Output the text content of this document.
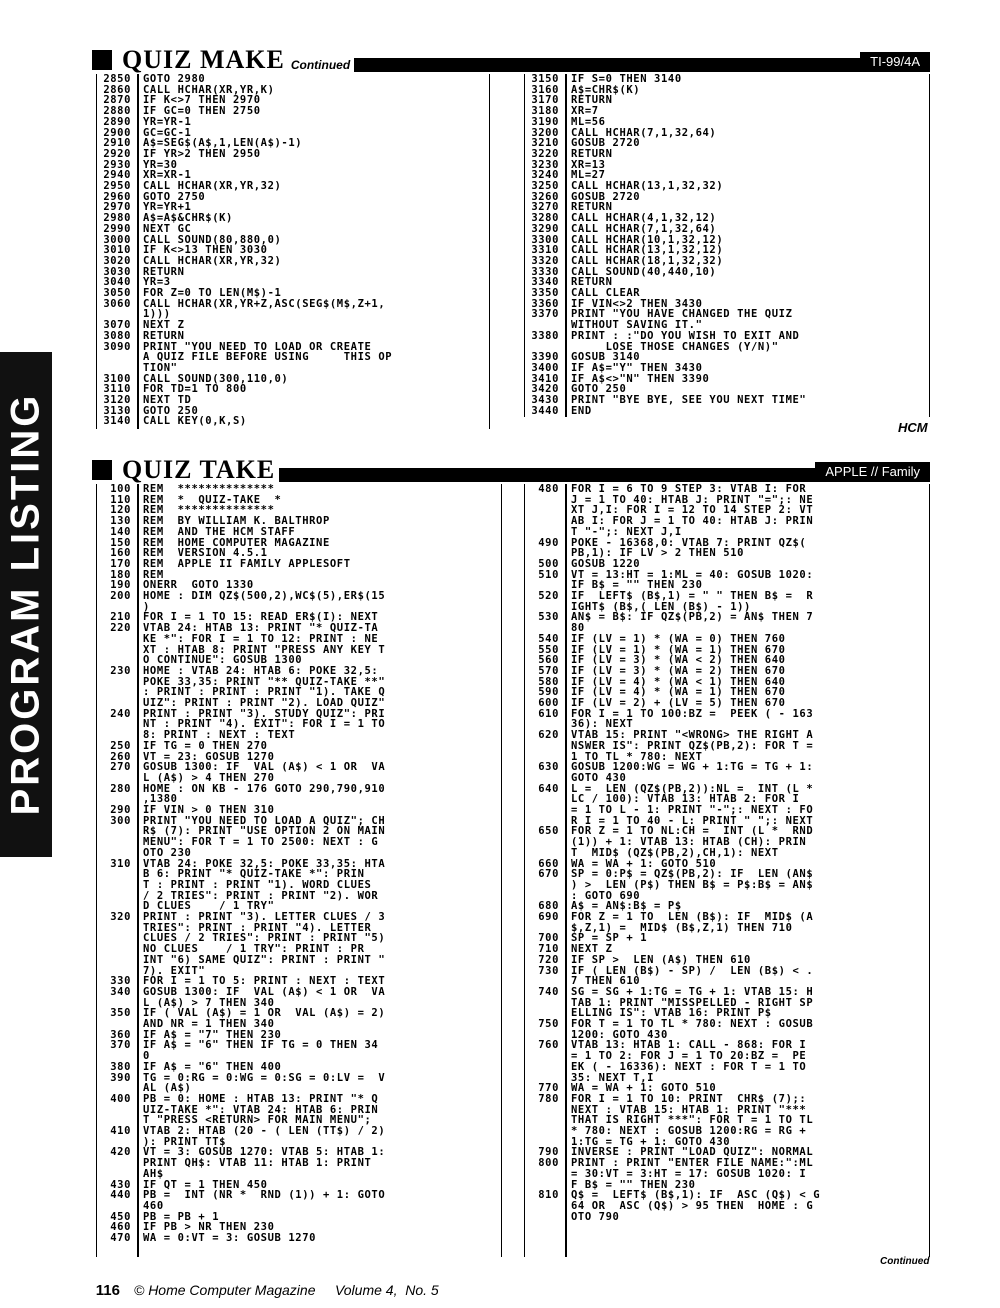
PROGRAM LISTING
QUIZ MAKE Continued	TI-99/4A
2850 GOTO 2980
2860 CALL HCHAR(XR,YR,K)
2870 IF K<>7 THEN 2970
2880 IF GC=0 THEN 2750
2890 YR=YR-1
2900 GC=GC-1
2910 A$=SEG$(A$,1,LEN(A$)-1)
2920 IF YR>2 THEN 2950
2930 YR=30
2940 XR=XR-1
2950 CALL HCHAR(XR,YR,32)
2960 GOTO 2750
2970 YR=YR+1
2980 A$=A$&CHR$(K)
2990 NEXT GC
3000 CALL SOUND(80,880,0)
3010 IF K<>13 THEN 3030
3020 CALL HCHAR(XR,YR,32)
3030 RETURN
3040 YR=3
3050 FOR Z=0 TO LEN(M$)-1
3060 CALL HCHAR(XR,YR+Z,ASC(SEG$(M$,Z+1,
1)))
3070 NEXT Z
3080 RETURN
3090 PRINT "YOU NEED TO LOAD OR CREATE
A QUIZ FILE BEFORE USING     THIS OP
TION"
3100 CALL SOUND(300,110,0)
3110 FOR TD=1 TO 800
3120 NEXT TD
3130 GOTO 250
3140 CALL KEY(0,K,S)
3150 IF S=0 THEN 3140
3160 A$=CHR$(K)
3170 RETURN
3180 XR=7
3190 ML=56
3200 CALL HCHAR(7,1,32,64)
3210 GOSUB 2720
3220 RETURN
3230 XR=13
3240 ML=27
3250 CALL HCHAR(13,1,32,32)
3260 GOSUB 2720
3270 RETURN
3280 CALL HCHAR(4,1,32,12)
3290 CALL HCHAR(7,1,32,64)
3300 CALL HCHAR(10,1,32,12)
3310 CALL HCHAR(13,1,32,12)
3320 CALL HCHAR(18,1,32,32)
3330 CALL SOUND(40,440,10)
3340 RETURN
3350 CALL CLEAR
3360 IF VIN<>2 THEN 3430
3370 PRINT "YOU HAVE CHANGED THE QUIZ
WITHOUT SAVING IT."
3380 PRINT : :"DO YOU WISH TO EXIT AND
LOSE THOSE CHANGES (Y/N)"
3390 GOSUB 3140
3400 IF A$="Y" THEN 3430
3410 IF A$<>"N" THEN 3390
3420 GOTO 250
3430 PRINT "BYE BYE, SEE YOU NEXT TIME"
3440 END
HCM
QUIZ TAKE	APPLE // Family
100 REM  **************
110 REM  *  QUIZ-TAKE  *
120 REM  **************
130 REM  BY WILLIAM K. BALTHROP
140 REM  AND THE HCM STAFF
150 REM  HOME COMPUTER MAGAZINE
160 REM  VERSION 4.5.1
170 REM  APPLE II FAMILY APPLESOFT
180 REM
190 ONERR  GOTO 1330
200 HOME : DIM QZ$(500,2),WC$(5),ER$(15
)
210 FOR I = 1 TO 15: READ ER$(I): NEXT
220 VTAB 24: HTAB 13: PRINT "* QUIZ-TA
KE *": FOR I = 1 TO 12: PRINT : NE
XT : HTAB 8: PRINT "PRESS ANY KEY T
O CONTINUE": GOSUB 1300
230 HOME : VTAB 24: HTAB 6: POKE 32,5:
POKE 33,35: PRINT "** QUIZ-TAKE **"
: PRINT : PRINT : PRINT "1). TAKE Q
UIZ": PRINT : PRINT "2). LOAD QUIZ"
240 PRINT : PRINT "3). STUDY QUIZ": PRI
NT : PRINT "4). EXIT": FOR I = 1 TO
8: PRINT : NEXT : TEXT
250 IF TG = 0 THEN 270
260 VT = 23: GOSUB 1270
270 GOSUB 1300: IF  VAL (A$) < 1 OR  VA
L (A$) > 4 THEN 270
280 HOME : ON KB - 176 GOTO 290,790,910
,1380
290 IF VIN > 0 THEN 310
300 PRINT "YOU NEED TO LOAD A QUIZ"; CH
R$ (7): PRINT "USE OPTION 2 ON MAIN
MENU": FOR T = 1 TO 2500: NEXT : G
OTO 230
310 VTAB 24: POKE 32,5: POKE 33,35: HTA
B 6: PRINT "* QUIZ-TAKE *": PRIN
T : PRINT : PRINT "1). WORD CLUES
/ 2 TRIES": PRINT : PRINT "2). WOR
D CLUES    / 1 TRY"
320 PRINT : PRINT "3). LETTER CLUES / 3
TRIES": PRINT : PRINT "4). LETTER
CLUES / 2 TRIES": PRINT : PRINT "5)
NO CLUES    / 1 TRY": PRINT : PR
INT "6) SAME QUIZ": PRINT : PRINT "
7). EXIT"
330 FOR I = 1 TO 5: PRINT : NEXT : TEXT
340 GOSUB 1300: IF  VAL (A$) < 1 OR  VA
L (A$) > 7 THEN 340
350 IF ( VAL (A$) = 1 OR  VAL (A$) = 2)
AND NR = 1 THEN 340
360 IF A$ = "7" THEN 230
370 IF A$ = "6" THEN IF TG = 0 THEN 34
0
380 IF A$ = "6" THEN 400
390 TG = 0:RG = 0:WG = 0:SG = 0:LV =  V
AL (A$)
400 PB = 0: HOME : HTAB 13: PRINT "* Q
UIZ-TAKE *": VTAB 24: HTAB 6: PRIN
T "PRESS <RETURN> FOR MAIN MENU";
410 VTAB 2: HTAB (20 - ( LEN (TT$) / 2)
): PRINT TT$
420 VT = 3: GOSUB 1270: VTAB 5: HTAB 1:
PRINT QH$: VTAB 11: HTAB 1: PRINT
AH$
430 IF QT = 1 THEN 450
440 PB =  INT (NR *  RND (1)) + 1: GOTO
460
450 PB = PB + 1
460 IF PB > NR THEN 230
470 WA = 0:VT = 3: GOSUB 1270
480 FOR I = 6 TO 9 STEP 3: VTAB I: FOR
J = 1 TO 40: HTAB J: PRINT "=";: NE
XT J,I: FOR I = 12 TO 14 STEP 2: VT
AB I: FOR J = 1 TO 40: HTAB J: PRIN
T "-";: NEXT J,I
490 POKE - 16368,0: VTAB 7: PRINT QZ$(
PB,1): IF LV > 2 THEN 510
500 GOSUB 1220
510 VT = 13:HT = 1:ML = 40: GOSUB 1020:
IF B$ = "" THEN 230
520 IF  LEFT$ (B$,1) = " " THEN B$ =  R
IGHT$ (B$,( LEN (B$) - 1))
530 AN$ = B$: IF QZ$(PB,2) = AN$ THEN 7
80
540 IF (LV = 1) * (WA = 0) THEN 760
550 IF (LV = 1) * (WA = 1) THEN 670
560 IF (LV = 3) * (WA < 2) THEN 640
570 IF (LV = 3) * (WA = 2) THEN 670
580 IF (LV = 4) * (WA < 1) THEN 640
590 IF (LV = 4) * (WA = 1) THEN 670
600 IF (LV = 2) + (LV = 5) THEN 670
610 FOR I = 1 TO 100:BZ =  PEEK ( - 163
36): NEXT
620 VTAB 15: PRINT "<WRONG> THE RIGHT A
NSWER IS": PRINT QZ$(PB,2): FOR T =
1 TO TL * 780: NEXT
630 GOSUB 1200:WG = WG + 1:TG = TG + 1:
GOTO 430
640 L =  LEN (QZ$(PB,2)):NL =  INT (L *
LC / 100): VTAB 13: HTAB 2: FOR I
= 1 TO L - 1: PRINT "-";: NEXT : FO
R I = 1 TO 40 - L: PRINT " ";: NEXT
650 FOR Z = 1 TO NL:CH =  INT (L *  RND
(1)) + 1: VTAB 13: HTAB (CH): PRIN
T  MID$ (QZ$(PB,2),CH,1): NEXT
660 WA = WA + 1: GOTO 510
670 SP = 0:P$ = QZ$(PB,2): IF  LEN (AN$
) >  LEN (P$) THEN B$ = P$:B$ = AN$
: GOTO 690
680 A$ = AN$:B$ = P$
690 FOR Z = 1 TO  LEN (B$): IF  MID$ (A
$,Z,1) =  MID$ (B$,Z,1) THEN 710
700 SP = SP + 1
710 NEXT Z
720 IF SP >  LEN (A$) THEN 610
730 IF ( LEN (B$) - SP) /  LEN (B$) < .
7 THEN 610
740 SG = SG + 1:TG = TG + 1: VTAB 15: H
TAB 1: PRINT "MISSPELLED - RIGHT SP
ELLING IS": VTAB 16: PRINT P$
750 FOR T = 1 TO TL * 780: NEXT : GOSUB
1200: GOTO 430
760 VTAB 13: HTAB 1: CALL - 868: FOR I
= 1 TO 2: FOR J = 1 TO 20:BZ =  PE
EK ( - 16336): NEXT : FOR T = 1 TO
35: NEXT T,I
770 WA = WA + 1: GOTO 510
780 FOR I = 1 TO 10: PRINT  CHR$ (7);:
NEXT : VTAB 15: HTAB 1: PRINT "***
THAT IS RIGHT ***": FOR T = 1 TO TL
* 780: NEXT : GOSUB 1200:RG = RG +
1:TG = TG + 1: GOTO 430
790 INVERSE : PRINT "LOAD QUIZ": NORMAL
800 PRINT : PRINT "ENTER FILE NAME:":ML
= 30:VT = 3:HT = 17: GOSUB 1020: I
F B$ = "" THEN 230
810 Q$ =  LEFT$ (B$,1): IF  ASC (Q$) < G
64 OR  ASC (Q$) > 95 THEN  HOME : G
OTO 790
Continued

116 © Home Computer Magazine Volume 4,  No. 5
